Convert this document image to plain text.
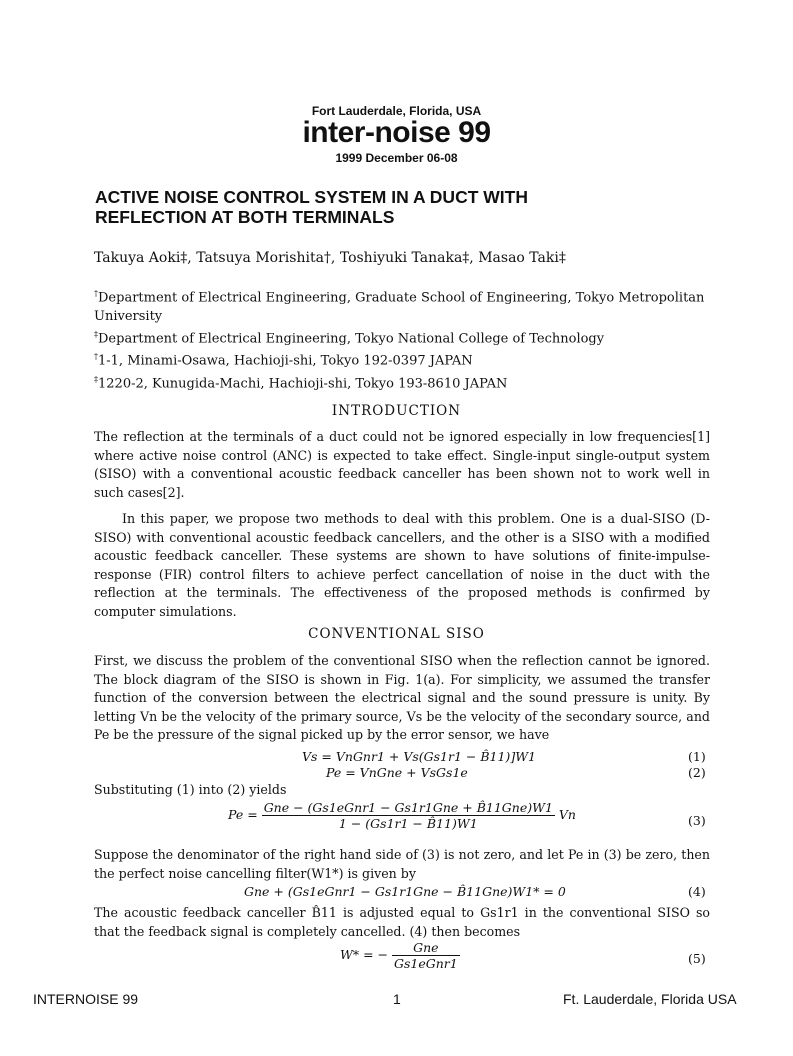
Fort Lauderdale, Florida, USA
inter-noise 99
1999 December 06-08
ACTIVE NOISE CONTROL SYSTEM IN A DUCT WITH
REFLECTION AT BOTH TERMINALS
Takuya Aoki‡, Tatsuya Morishita†, Toshiyuki Tanaka‡, Masao Taki‡
†Department of Electrical Engineering, Graduate School of Engineering, Tokyo Metropolitan University
‡Department of Electrical Engineering, Tokyo National College of Technology
†1-1, Minami-Osawa, Hachioji-shi, Tokyo 192-0397 JAPAN
‡1220-2, Kunugida-Machi, Hachioji-shi, Tokyo 193-8610 JAPAN
INTRODUCTION

The reflection at the terminals of a duct could not be ignored especially in low frequencies[1] where active noise control (ANC) is expected to take effect. Single-input single-output system (SISO) with a conventional acoustic feedback canceller has been shown not to work well in such cases[2].

In this paper, we propose two methods to deal with this problem. One is a dual-SISO (D-SISO) with conventional acoustic feedback cancellers, and the other is a SISO with a modified acoustic feedback canceller. These systems are shown to have solutions of finite-impulse-response (FIR) control filters to achieve perfect cancellation of noise in the duct with the reflection at the terminals. The effectiveness of the proposed methods is confirmed by computer simulations.

CONVENTIONAL SISO

First, we discuss the problem of the conventional SISO when the reflection cannot be ignored. The block diagram of the SISO is shown in Fig. 1(a). For simplicity, we assumed the transfer function of the conversion between the electrical signal and the sound pressure is unity. By letting Vn be the velocity of the primary source, Vs be the velocity of the secondary source, and Pe be the pressure of the signal picked up by the error sensor, we have

Vs = VnGnr1 + Vs(Gs1r1 − B̂11)]W1	(1)
Pe = VnGne + VsGs1e	(2)

Substituting (1) into (2) yields

$Pe = \frac{\text{Gne − (Gs1eGnr1 − Gs1r1Gne + B̂11Gne)W1}}{1 - (Gs1r1 - B̂11)W1}$ Vn	(3)

Suppose the denominator of the right hand side of (3) is not zero, and let Pe in (3) be zero, then the perfect noise cancelling filter(W1*) is given by

Gne + (Gs1eGnr1 − Gs1r1Gne − B̂11Gne)W1* = 0	(4)

The acoustic feedback canceller B̂11 is adjusted equal to Gs1r1 in the conventional SISO so that the feedback signal is completely cancelled. (4) then becomes

W* = − $\frac{\text{Gne}}{\text{Gs1eGnr1}}$	(5)
INTERNOISE 99	1	Ft. Lauderdale, Florida USA
